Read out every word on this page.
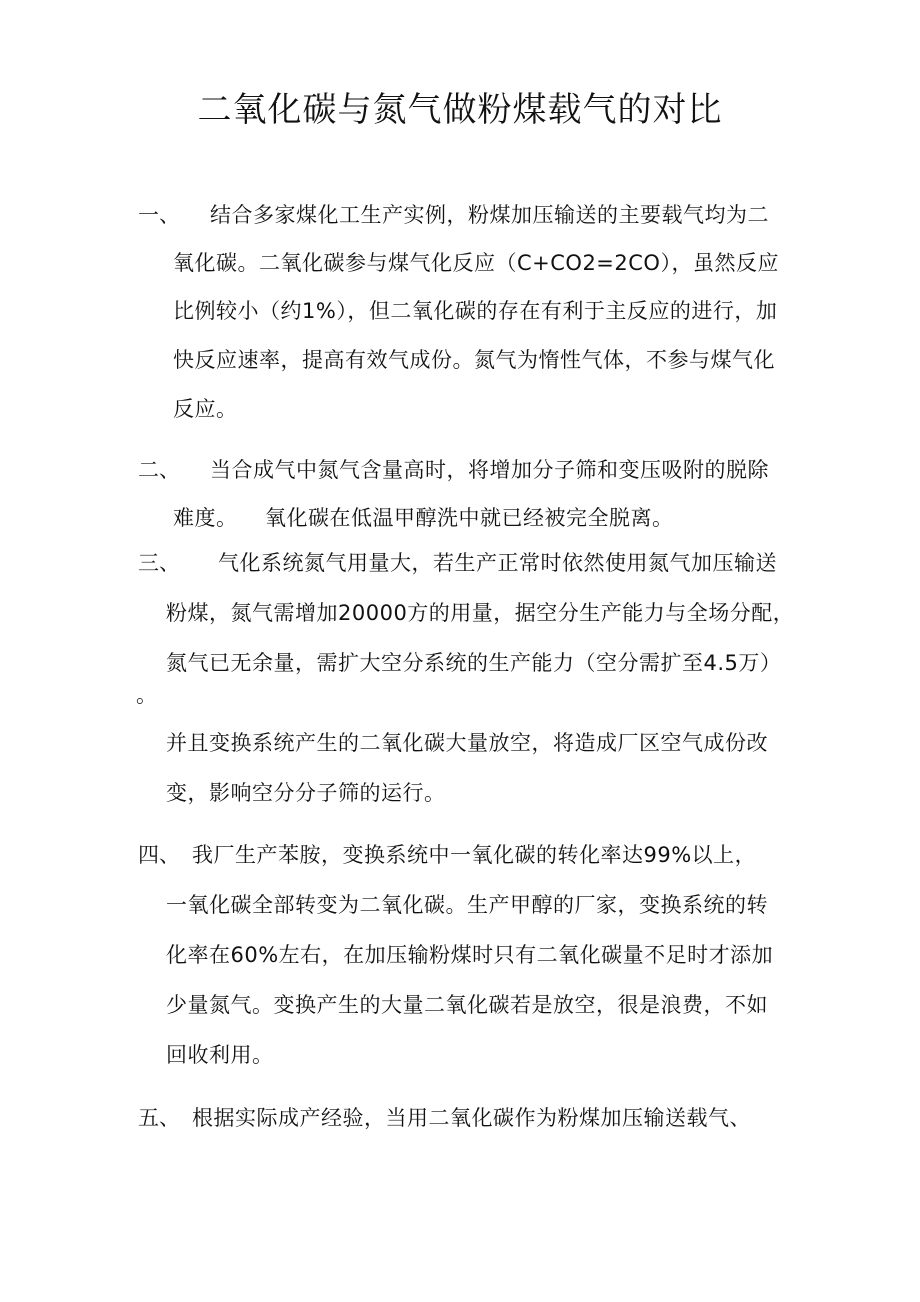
二氧化碳与氮气做粉煤载气的对比
一、 结合多家煤化工生产实例，粉煤加压输送的主要载气均为二
氧化碳。二氧化碳参与煤气化反应（C+CO2=2CO），虽然反应
比例较小（约1%），但二氧化碳的存在有利于主反应的进行，加
快反应速率，提高有效气成份。氮气为惰性气体，不参与煤气化
反应。
二、 当合成气中氮气含量高时，将增加分子筛和变压吸附的脱除
难度。 氧化碳在低温甲醇洗中就已经被完全脱离。
三、 气化系统氮气用量大，若生产正常时依然使用氮气加压输送
粉煤，氮气需增加20000方的用量，据空分生产能力与全场分配，
氮气已无余量，需扩大空分系统的生产能力（空分需扩至4.5万）
。
并且变换系统产生的二氧化碳大量放空，将造成厂区空气成份改
变，影响空分分子筛的运行。
四、 我厂生产苯胺，变换系统中一氧化碳的转化率达99%以上，
一氧化碳全部转变为二氧化碳。生产甲醇的厂家，变换系统的转
化率在60%左右，在加压输粉煤时只有二氧化碳量不足时才添加
少量氮气。变换产生的大量二氧化碳若是放空，很是浪费，不如
回收利用。
五、 根据实际成产经验，当用二氧化碳作为粉煤加压输送载气、
